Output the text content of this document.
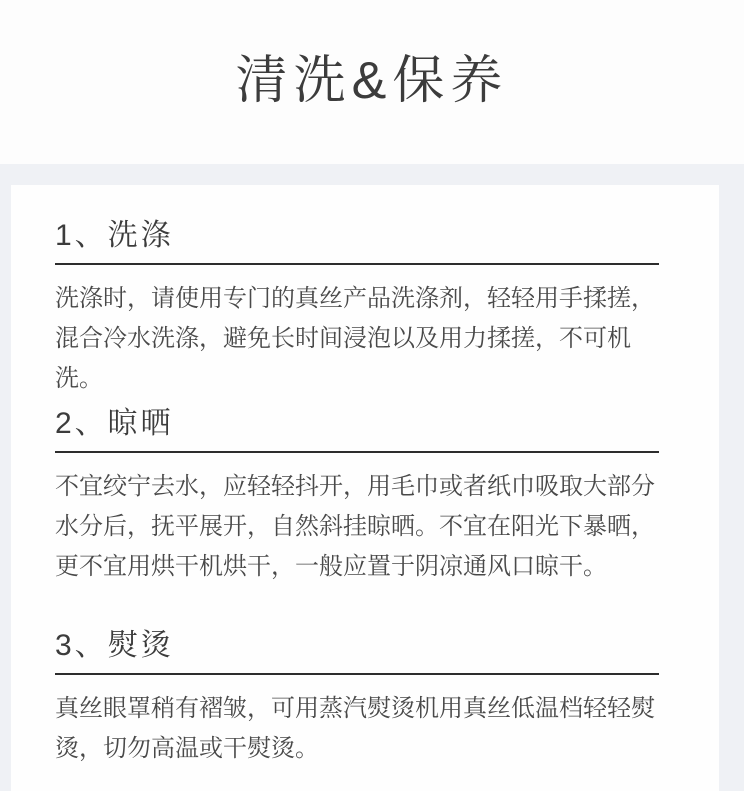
清洗&保养
1、洗涤
洗涤时，请使用专门的真丝产品洗涤剂，轻轻用手揉搓，
混合冷水洗涤，避免长时间浸泡以及用力揉搓，不可机
洗。
2、晾晒
不宜绞宁去水，应轻轻抖开，用毛巾或者纸巾吸取大部分
水分后，抚平展开，自然斜挂晾晒。不宜在阳光下暴晒，
更不宜用烘干机烘干，一般应置于阴凉通风口晾干。
3、熨烫
真丝眼罩稍有褶皱，可用蒸汽熨烫机用真丝低温档轻轻熨
烫，切勿高温或干熨烫。
